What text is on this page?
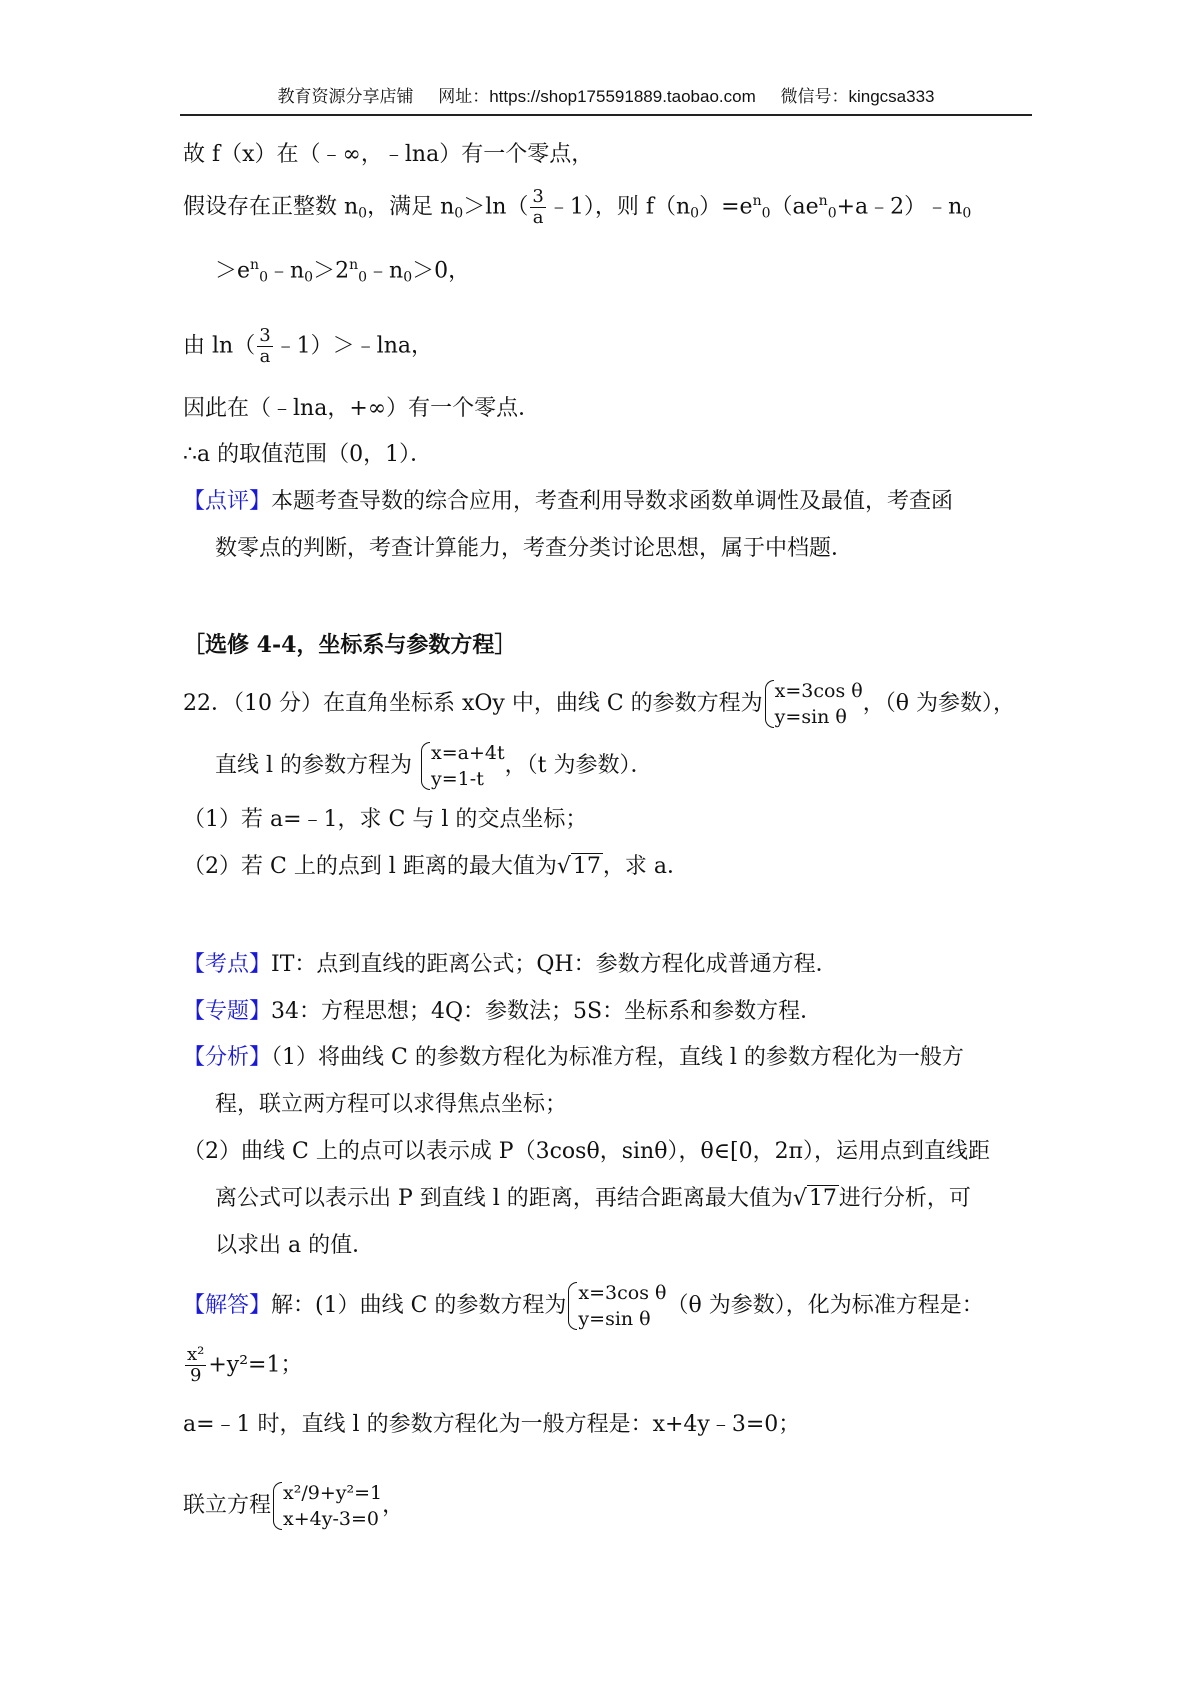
教育资源分享店铺 网址：https://shop175591889.taobao.com 微信号：kingcsa333
故 f（x）在（﹣∞，﹣lna）有一个零点，
假设存在正整数 $n_0$，满足 $n_0>\ln( \frac{3}{a}$ ﹣1），则 $f(n_0)=e^n_0(ae^n_0+a﹣2)﹣n_0$
$>e^n_0﹣n_0>2^n_0﹣n_0>0$，
由 $\ln( \frac{3}{a}$ ﹣1）＞﹣lna，
因此在（﹣lna，+∞）有一个零点．
∴a 的取值范围（0，1）．
【点评】本题考查导数的综合应用，考查利用导数求函数单调性及最值，考查函
数零点的判断，考查计算能力，考查分类讨论思想，属于中档题．
［选修 4-4，坐标系与参数方程］
22．（10 分）在直角坐标系 xOy 中，曲线 C 的参数方程为 x=3cos θ
y=sin θ
，（θ 为参数），
直线 l 的参数方程为 x=a+4t
y=1-t
，（t 为参数）．
（1）若 a=﹣1，求 C 与 l 的交点坐标；
（2）若 C 上的点到 l 距离的最大值为√17，求 a．
【考点】IT：点到直线的距离公式；QH：参数方程化成普通方程．
【专题】34：方程思想；4Q：参数法；5S：坐标系和参数方程．
【分析】（1）将曲线 C 的参数方程化为标准方程，直线 l 的参数方程化为一般方
程，联立两方程可以求得焦点坐标；
（2）曲线 C 上的点可以表示成 P（3cosθ，sinθ），θ∈[0，2π），运用点到直线距
离公式可以表示出 P 到直线 l 的距离，再结合距离最大值为√17进行分析，可
以求出 a 的值．
【解答】解：(1）曲线 C 的参数方程为 x=3cos θ
y=sin θ
（θ 为参数），化为标准方程是：
$\frac{\text{x²}}{9} +y^2=1$；
a=﹣1 时，直线 l 的参数方程化为一般方程是：x+4y﹣3=0；
联立方程 x²/9+y²=1
x+4y-3=0
，
